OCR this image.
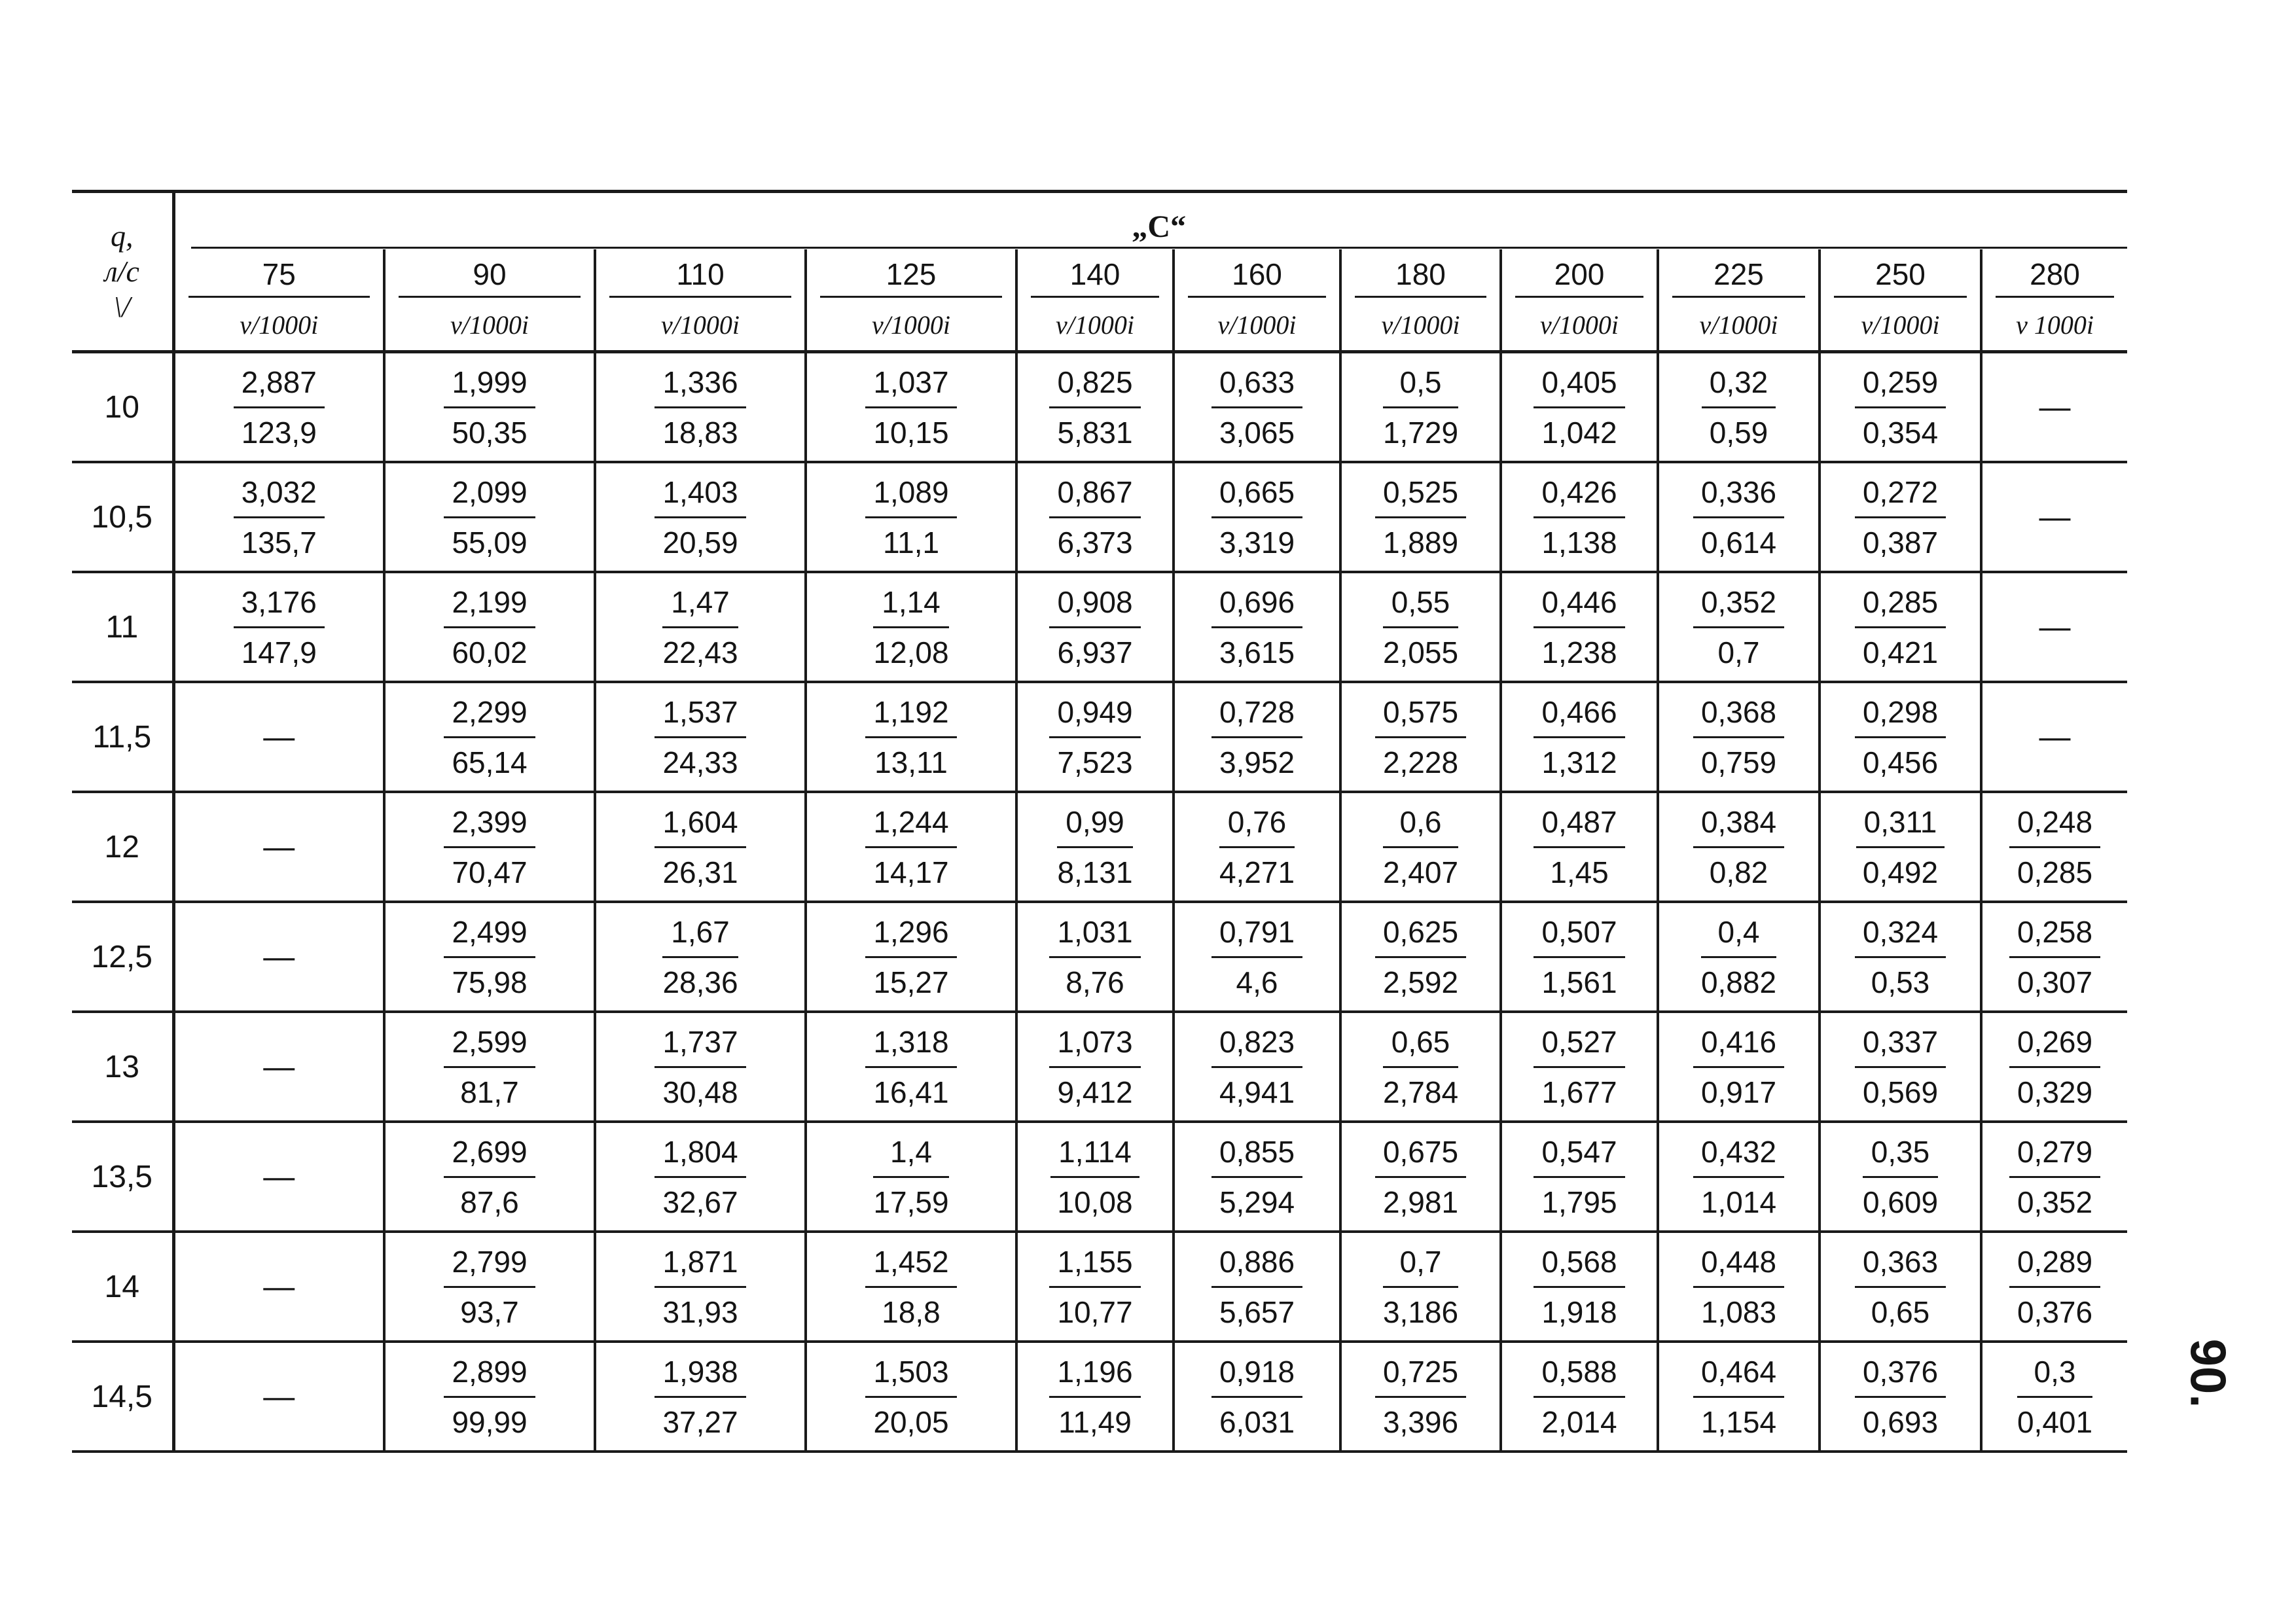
q,
л/c
\/	„C“										

	75	90	110	125	140	160	180	200	225	250	280

	v/1000i	v/1000i	v/1000i	v/1000i	v/1000i	v/1000i	v/1000i	v/1000i	v/1000i	v/1000i	v 1000i
10	$\frac{2,887}{123,9}$	$\frac{1,999}{50,35}$	$\frac{1,336}{18,83}$	$\frac{1,037}{10,15}$	$\frac{0,825}{5,831}$	$\frac{0,633}{3,065}$	$\frac{0,5}{1,729}$	$\frac{0,405}{1,042}$	$\frac{0,32}{0,59}$	$\frac{0,259}{0,354}$	—
10,5	$\frac{3,032}{135,7}$	$\frac{2,099}{55,09}$	$\frac{1,403}{20,59}$	$\frac{1,089}{11,1}$	$\frac{0,867}{6,373}$	$\frac{0,665}{3,319}$	$\frac{0,525}{1,889}$	$\frac{0,426}{1,138}$	$\frac{0,336}{0,614}$	$\frac{0,272}{0,387}$	—
11	$\frac{3,176}{147,9}$	$\frac{2,199}{60,02}$	$\frac{1,47}{22,43}$	$\frac{1,14}{12,08}$	$\frac{0,908}{6,937}$	$\frac{0,696}{3,615}$	$\frac{0,55}{2,055}$	$\frac{0,446}{1,238}$	$\frac{0,352}{0,7}$	$\frac{0,285}{0,421}$	—
11,5	—	$\frac{2,299}{65,14}$	$\frac{1,537}{24,33}$	$\frac{1,192}{13,11}$	$\frac{0,949}{7,523}$	$\frac{0,728}{3,952}$	$\frac{0,575}{2,228}$	$\frac{0,466}{1,312}$	$\frac{0,368}{0,759}$	$\frac{0,298}{0,456}$	—
12	—	$\frac{2,399}{70,47}$	$\frac{1,604}{26,31}$	$\frac{1,244}{14,17}$	$\frac{0,99}{8,131}$	$\frac{0,76}{4,271}$	$\frac{0,6}{2,407}$	$\frac{0,487}{1,45}$	$\frac{0,384}{0,82}$	$\frac{0,311}{0,492}$	$\frac{0,248}{0,285}$

12,5	—	$\frac{2,499}{75,98}$	$\frac{1,67}{28,36}$	$\frac{1,296}{15,27}$	$\frac{1,031}{8,76}$	$\frac{0,791}{4,6}$	$\frac{0,625}{2,592}$	$\frac{0,507}{1,561}$	$\frac{0,4}{0,882}$	$\frac{0,324}{0,53}$	$\frac{0,258}{0,307}$

13	—	$\frac{2,599}{81,7}$	$\frac{1,737}{30,48}$	$\frac{1,318}{16,41}$	$\frac{1,073}{9,412}$	$\frac{0,823}{4,941}$	$\frac{0,65}{2,784}$	$\frac{0,527}{1,677}$	$\frac{0,416}{0,917}$	$\frac{0,337}{0,569}$	$\frac{0,269}{0,329}$

13,5	—	$\frac{2,699}{87,6}$	$\frac{1,804}{32,67}$	$\frac{1,4}{17,59}$	$\frac{1,114}{10,08}$	$\frac{0,855}{5,294}$	$\frac{0,675}{2,981}$	$\frac{0,547}{1,795}$	$\frac{0,432}{1,014}$	$\frac{0,35}{0,609}$	$\frac{0,279}{0,352}$

14	—	$\frac{2,799}{93,7}$	$\frac{1,871}{31,93}$	$\frac{1,452}{18,8}$	$\frac{1,155}{10,77}$	$\frac{0,886}{5,657}$	$\frac{0,7}{3,186}$	$\frac{0,568}{1,918}$	$\frac{0,448}{1,083}$	$\frac{0,363}{0,65}$	$\frac{0,289}{0,376}$

14,5	—	$\frac{2,899}{99,99}$	$\frac{1,938}{37,27}$	$\frac{1,503}{20,05}$	$\frac{1,196}{11,49}$	$\frac{0,918}{6,031}$	$\frac{0,725}{3,396}$	$\frac{0,588}{2,014}$	$\frac{0,464}{1,154}$	$\frac{0,376}{0,693}$	$\frac{0,3}{0,401} 90$.
